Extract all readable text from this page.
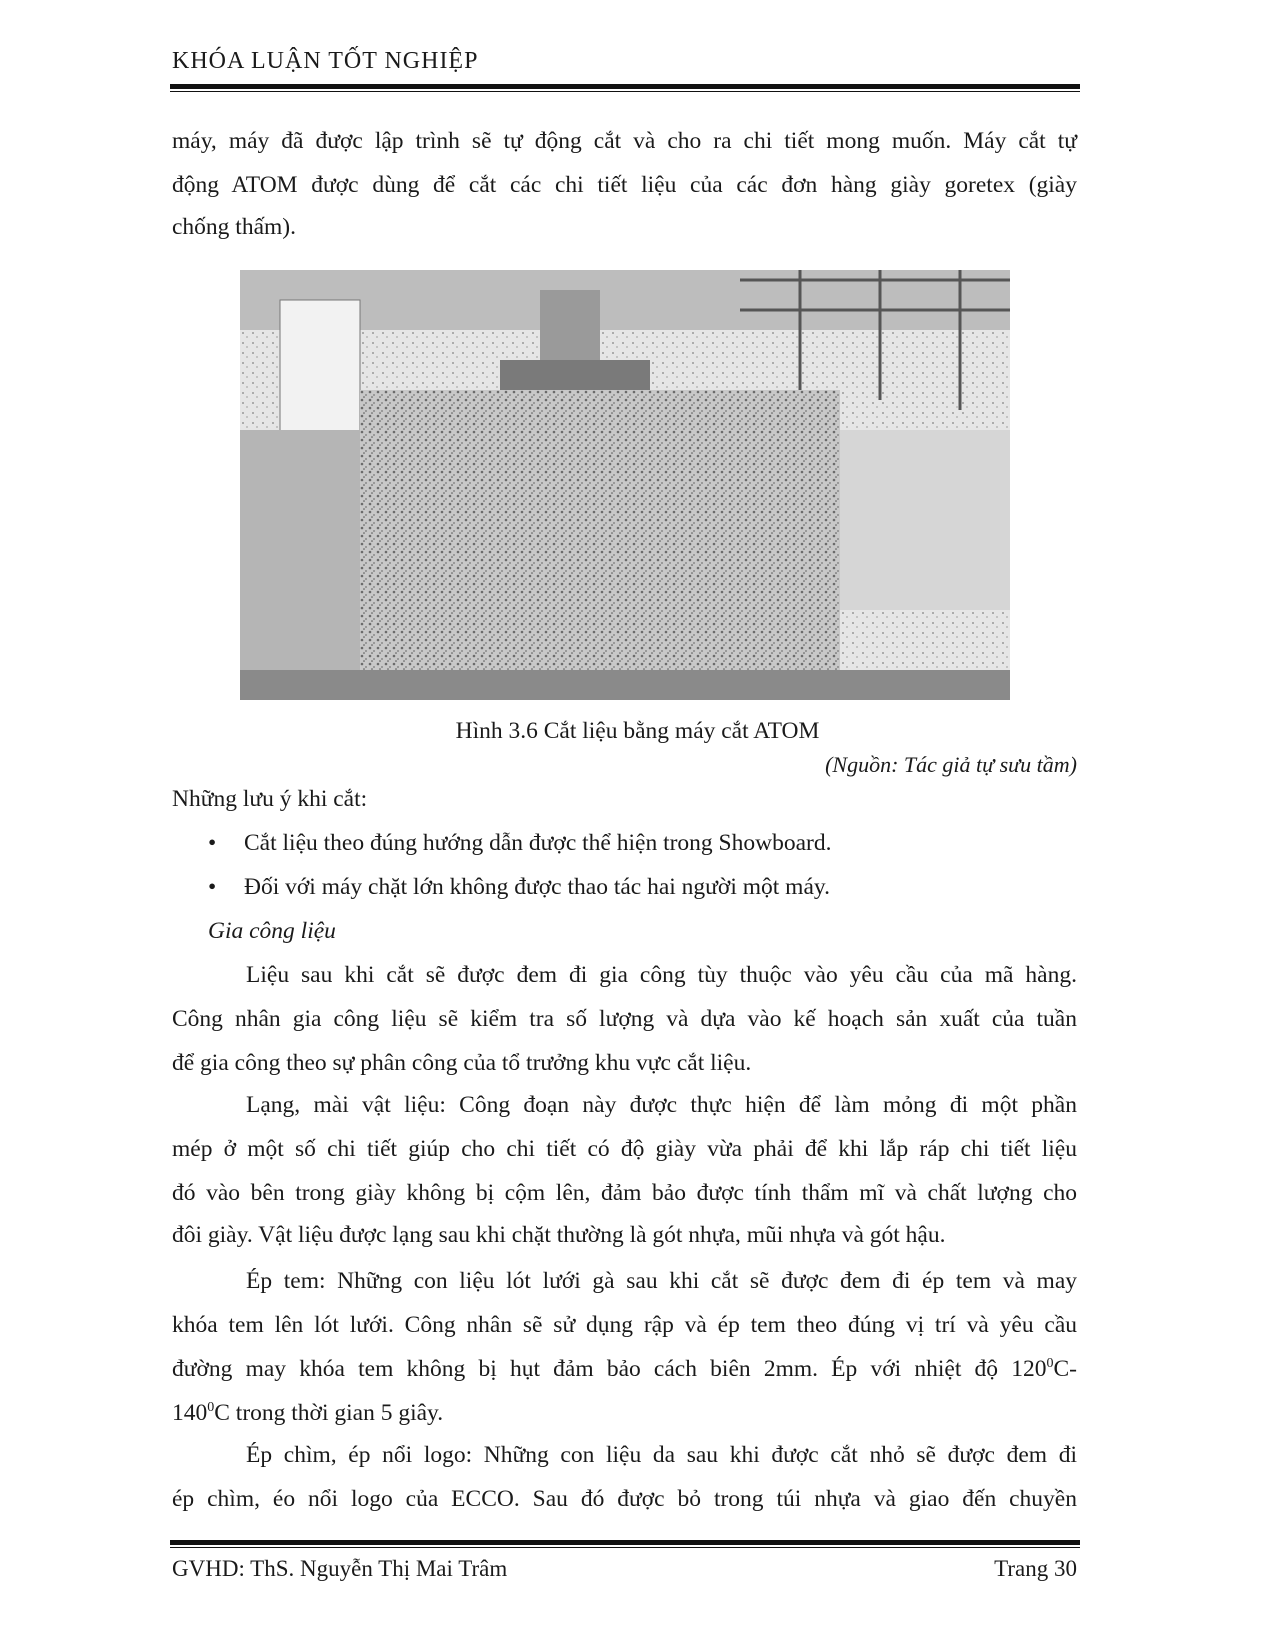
KHÓA LUẬN TỐT NGHIỆP
máy, máy đã được lập trình sẽ tự động cắt và cho ra chi tiết mong muốn. Máy cắt tự
động ATOM được dùng để cắt các chi tiết liệu của các đơn hàng giày goretex (giày
chống thấm).
Hình 3.6 Cắt liệu bằng máy cắt ATOM
(Nguồn: Tác giả tự sưu tầm)
Những lưu ý khi cắt:
• Cắt liệu theo đúng hướng dẫn được thể hiện trong Showboard.
• Đối với máy chặt lớn không được thao tác hai người một máy.
Gia công liệu
Liệu sau khi cắt sẽ được đem đi gia công tùy thuộc vào yêu cầu của mã hàng.
Công nhân gia công liệu sẽ kiểm tra số lượng và dựa vào kế hoạch sản xuất của tuần
để gia công theo sự phân công của tổ trưởng khu vực cắt liệu.
Lạng, mài vật liệu: Công đoạn này được thực hiện để làm mỏng đi một phần
mép ở một số chi tiết giúp cho chi tiết có độ giày vừa phải để khi lắp ráp chi tiết liệu
đó vào bên trong giày không bị cộm lên, đảm bảo được tính thẩm mĩ và chất lượng cho
đôi giày. Vật liệu được lạng sau khi chặt thường là gót nhựa, mũi nhựa và gót hậu.
Ép tem: Những con liệu lót lưới gà sau khi cắt sẽ được đem đi ép tem và may
khóa tem lên lót lưới. Công nhân sẽ sử dụng rập và ép tem theo đúng vị trí và yêu cầu
đường may khóa tem không bị hụt đảm bảo cách biên 2mm. Ép với nhiệt độ $120^0C-$
$140^0C$ trong thời gian 5 giây.
Ép chìm, ép nổi logo: Những con liệu da sau khi được cắt nhỏ sẽ được đem đi
ép chìm, éo nổi logo của ECCO. Sau đó được bỏ trong túi nhựa và giao đến chuyền
GVHD: ThS. Nguyễn Thị Mai Trâm	Trang 30
